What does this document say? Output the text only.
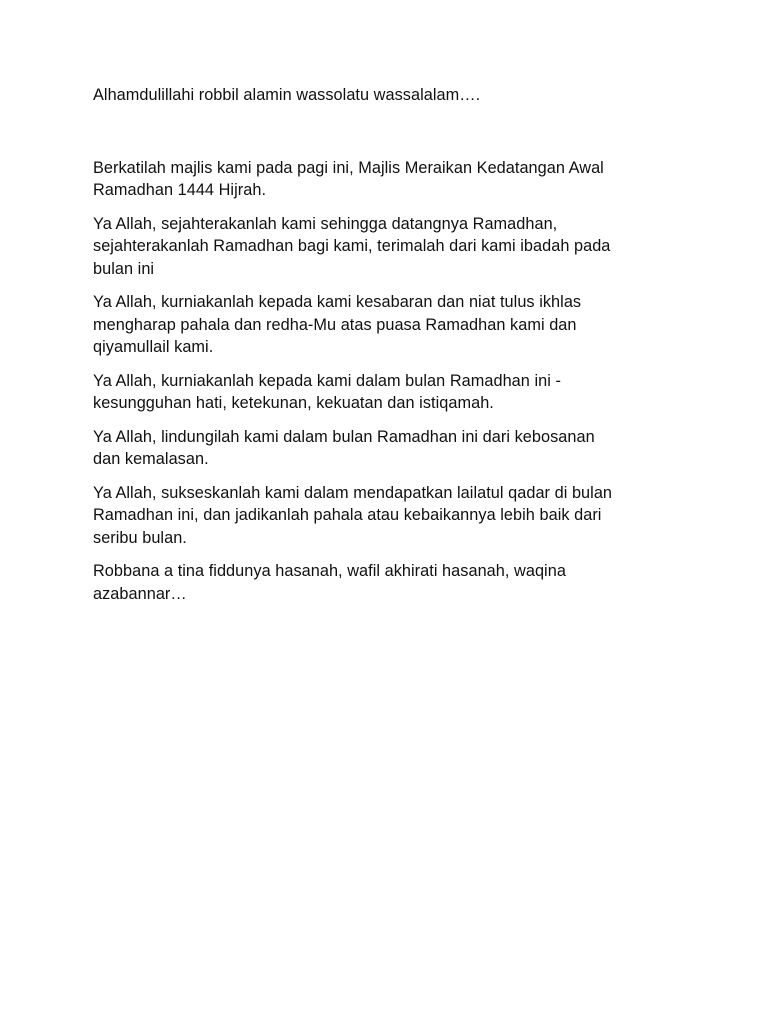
Alhamdulillahi robbil alamin wassolatu wassalalam….

Berkatilah majlis kami pada pagi ini, Majlis Meraikan Kedatangan Awal
Ramadhan 1444 Hijrah.

Ya Allah, sejahterakanlah kami sehingga datangnya Ramadhan,
sejahterakanlah Ramadhan bagi kami, terimalah dari kami ibadah pada
bulan ini

Ya Allah, kurniakanlah kepada kami kesabaran dan niat tulus ikhlas
mengharap pahala dan redha-Mu atas puasa Ramadhan kami dan
qiyamullail kami.

Ya Allah, kurniakanlah kepada kami dalam bulan Ramadhan ini -
kesungguhan hati, ketekunan, kekuatan dan istiqamah.

Ya Allah, lindungilah kami dalam bulan Ramadhan ini dari kebosanan
dan kemalasan.

Ya Allah, sukseskanlah kami dalam mendapatkan lailatul qadar di bulan
Ramadhan ini, dan jadikanlah pahala atau kebaikannya lebih baik dari
seribu bulan.

Robbana a tina fiddunya hasanah, wafil akhirati hasanah, waqina
azabannar…
